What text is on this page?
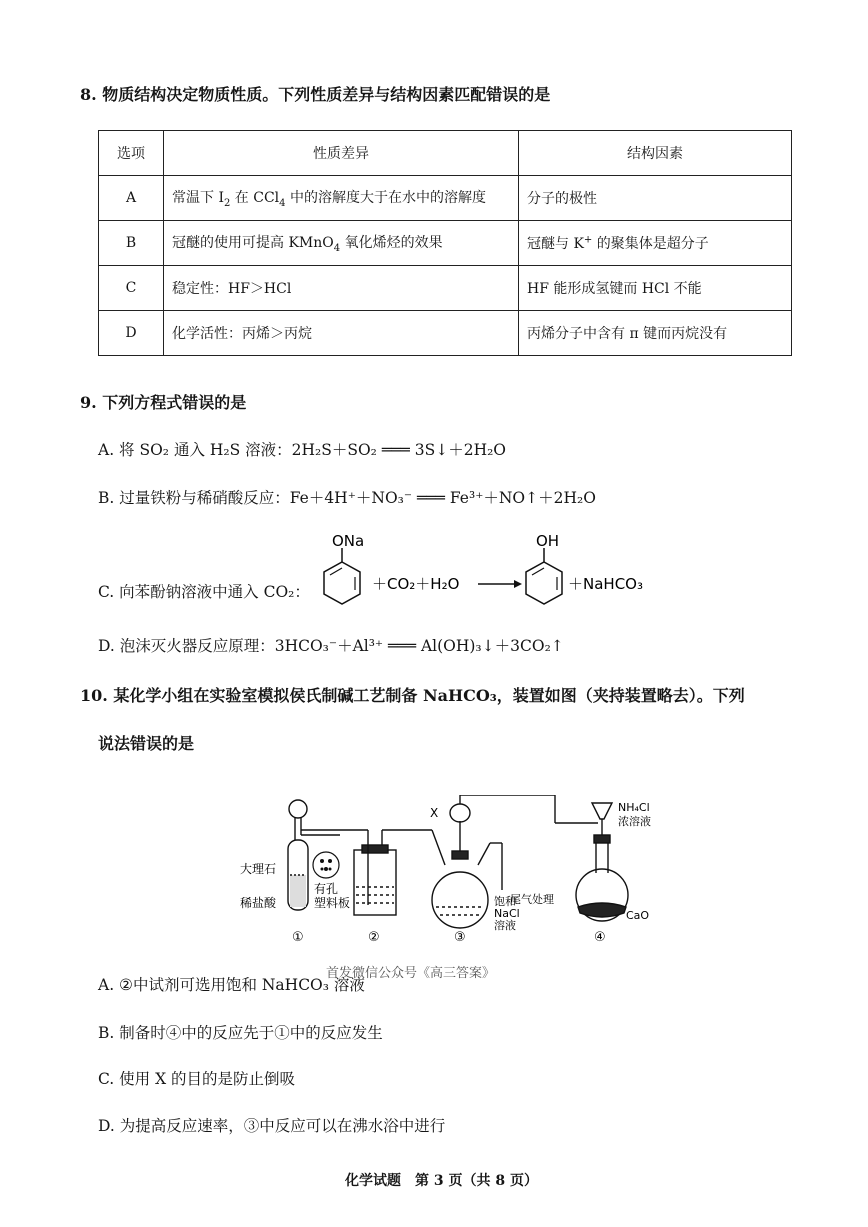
8. 物质结构决定物质性质。下列性质差异与结构因素匹配错误的是
选项	性质差异	结构因素
A	常温下 $I_2$ 在 CCl$_4$ 中的溶解度大于在水中的溶解度	分子的极性
B	冠醚的使用可提高 KMnO$_4$ 氧化烯烃的效果	冠醚与 K+ 的聚集体是超分子
C	稳定性：HF＞HCl	HF 能形成氢键而 HCl 不能
D	化学活性：丙烯＞丙烷	丙烯分子中含有 π 键而丙烷没有
9. 下列方程式错误的是
A. 将 SO₂ 通入 H₂S 溶液：2H₂S＋SO₂ ═══ 3S↓＋2H₂O
B. 过量铁粉与稀硝酸反应：Fe＋4H⁺＋NO₃⁻ ═══ Fe³⁺＋NO↑＋2H₂O
C. 向苯酚钠溶液中通入 CO₂：
ONa
＋CO₂＋H₂O
OH
＋NaHCO₃
D. 泡沫灭火器反应原理：3HCO₃⁻＋Al³⁺ ═══ Al(OH)₃↓＋3CO₂↑
10. 某化学小组在实验室模拟侯氏制碱工艺制备 NaHCO₃，装置如图（夹持装置略去）。下列
说法错误的是
大理石
稀盐酸
有孔
塑料板
X
饱和
NaCl
溶液
尾气处理
NH₄Cl
浓溶液
CaO
①	②	③	④
首发微信公众号《高三答案》
A. ②中试剂可选用饱和 NaHCO₃ 溶液
B. 制备时④中的反应先于①中的反应发生
C. 使用 X 的目的是防止倒吸
D. 为提高反应速率，③中反应可以在沸水浴中进行
化学试题　第 3 页（共 8 页）
